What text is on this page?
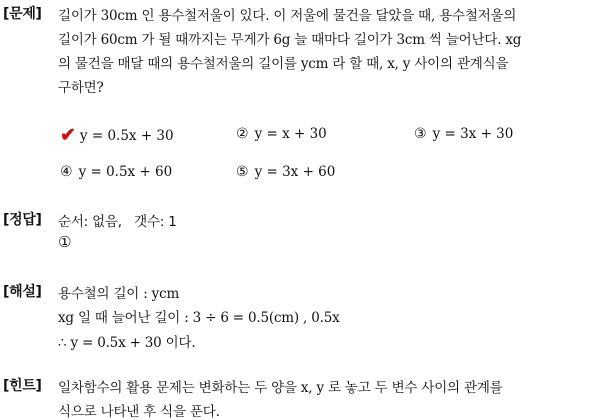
[문제] 길이가 30cm 인 용수철저울이 있다. 이 저울에 물건을 달았을 때, 용수철저울의
길이가 60cm 가 될 때까지는 무게가 6g 늘 때마다 길이가 3cm 씩 늘어난다. xg
의 물건을 매달 때의 용수철저울의 길이를 ycm 라 할 때, x, y 사이의 관계식을
구하면?
✔ y = 0.5x + 30	② y = x + 30	③ y = 3x + 30
④ y = 0.5x + 60	⑤ y = 3x + 60
[정답] 순서: 없음,   갯수: 1
①
[해설] 용수철의 길이 : ycm
xg 일 때 늘어난 길이 : 3 ÷ 6 = 0.5(cm) , 0.5x
∴ y = 0.5x + 30 이다.
[힌트] 일차함수의 활용 문제는 변화하는 두 양을 x, y 로 놓고 두 변수 사이의 관계를
식으로 나타낸 후 식을 푼다.
